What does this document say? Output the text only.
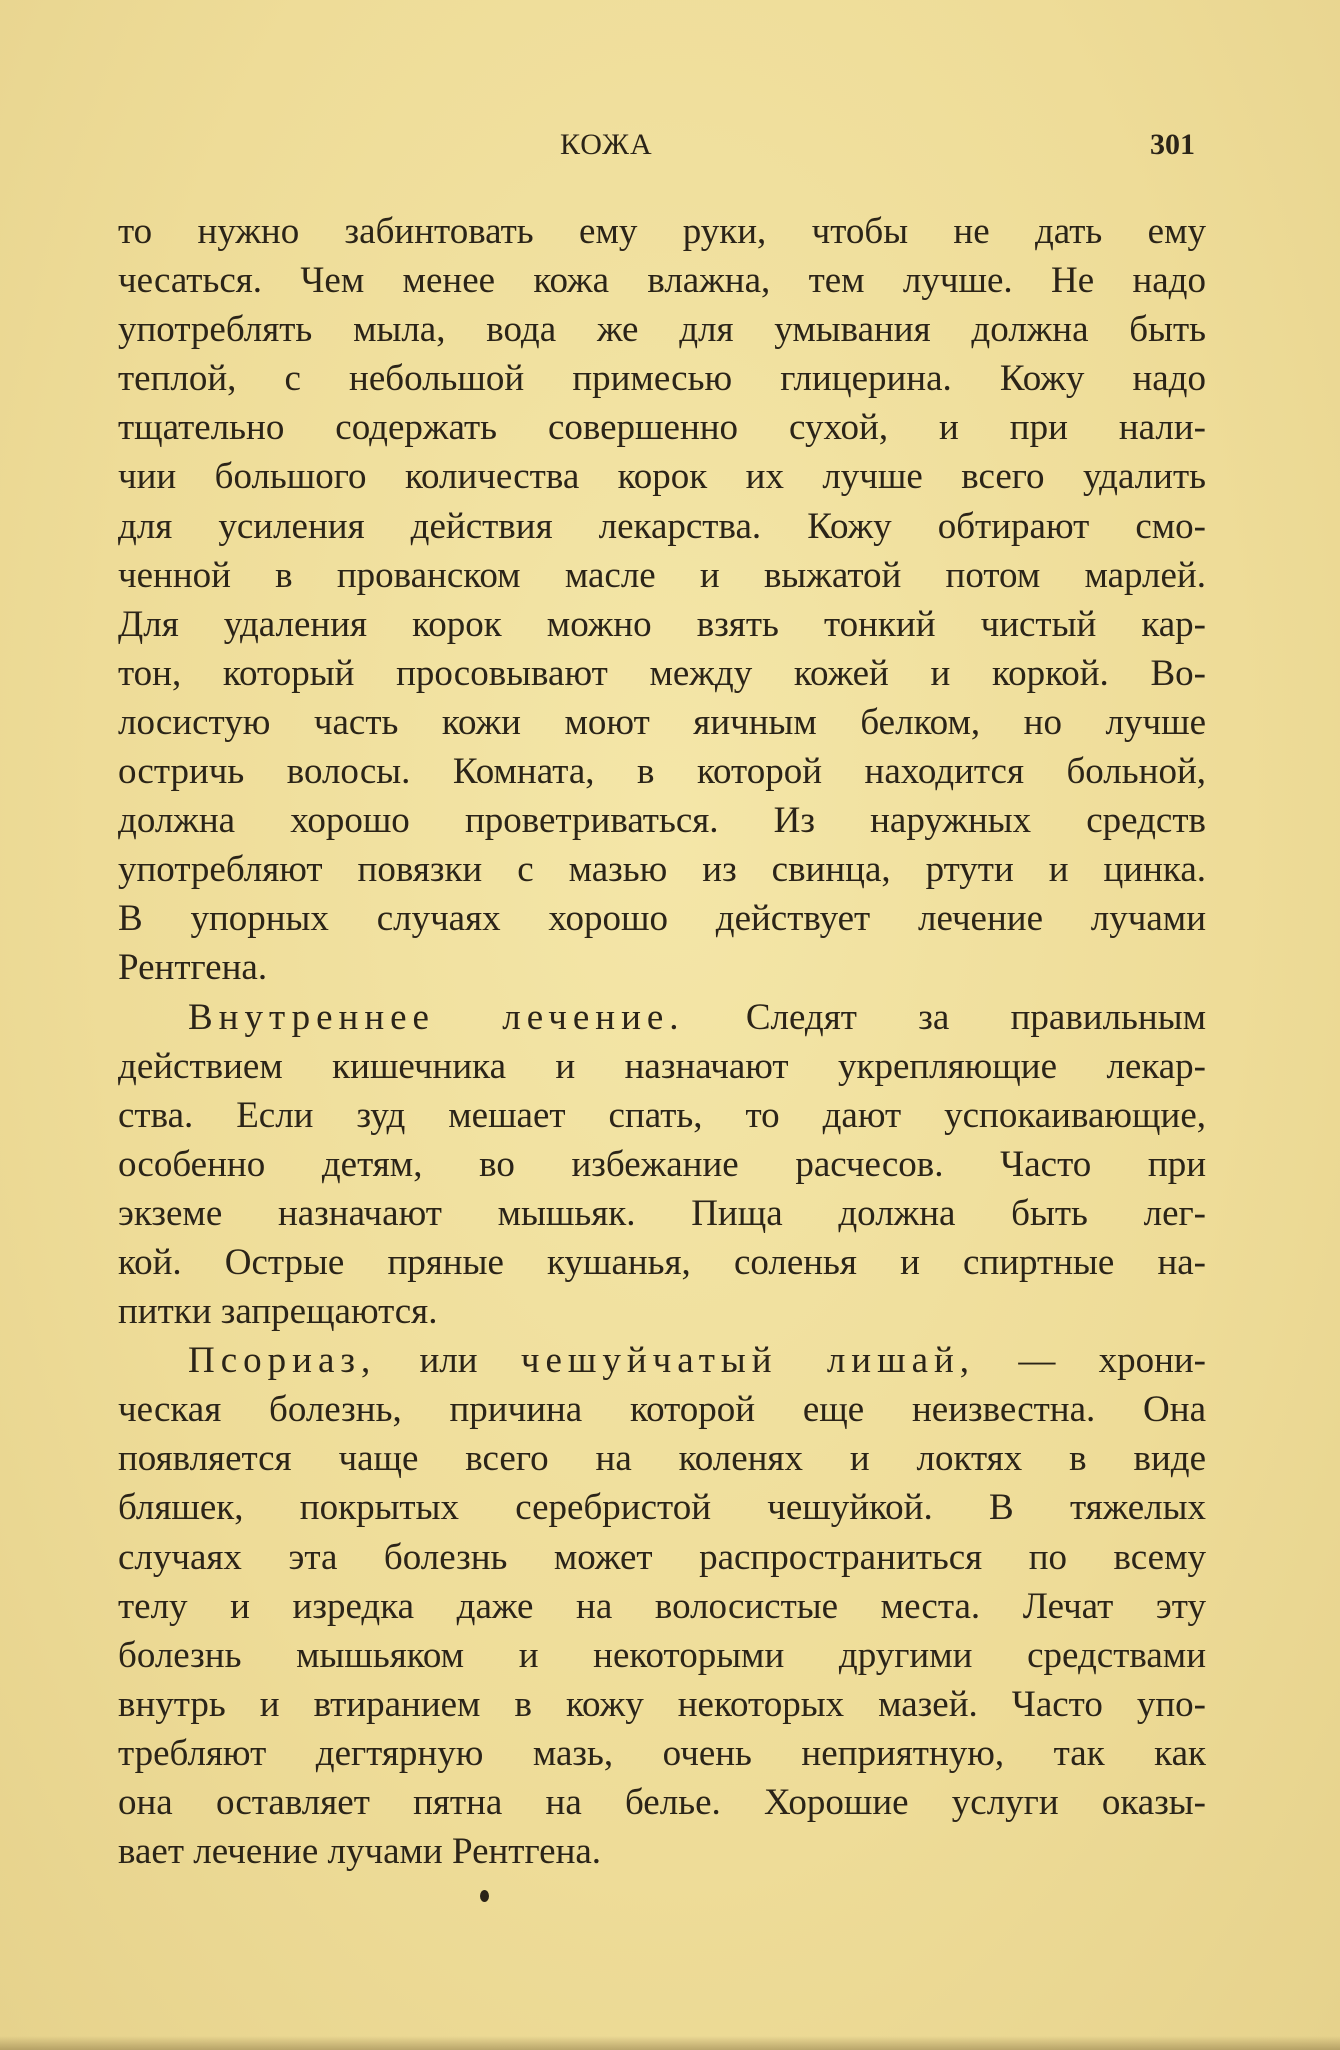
КОЖА	301
то нужно забинтовать ему руки, чтобы не дать ему
чесаться. Чем менее кожа влажна, тем лучше. Не надо
употреблять мыла, вода же для умывания должна быть
теплой, с небольшой примесью глицерина. Кожу надо
тщательно содержать совершенно сухой, и при нали-
чии большого количества корок их лучше всего удалить
для усиления действия лекарства. Кожу обтирают смо-
ченной в прованском масле и выжатой потом марлей.
Для удаления корок можно взять тонкий чистый кар-
тон, который просовывают между кожей и коркой. Во-
лосистую часть кожи моют яичным белком, но лучше
остричь волосы. Комната, в которой находится больной,
должна хорошо проветриваться. Из наружных средств
употребляют повязки с мазью из свинца, ртути и цинка.
В упорных случаях хорошо действует лечение лучами
Рентгена.
Внутреннее лечение. Следят за правильным
действием кишечника и назначают укрепляющие лекар-
ства. Если зуд мешает спать, то дают успокаивающие,
особенно детям, во избежание расчесов. Часто при
экземе назначают мышьяк. Пища должна быть лег-
кой. Острые пряные кушанья, соленья и спиртные на-
питки запрещаются.
Псориаз, или чешуйчатый лишай, — хрони-
ческая болезнь, причина которой еще неизвестна. Она
появляется чаще всего на коленях и локтях в виде
бляшек, покрытых серебристой чешуйкой. В тяжелых
случаях эта болезнь может распространиться по всему
телу и изредка даже на волосистые места. Лечат эту
болезнь мышьяком и некоторыми другими средствами
внутрь и втиранием в кожу некоторых мазей. Часто упо-
требляют дегтярную мазь, очень неприятную, так как
она оставляет пятна на белье. Хорошие услуги оказы-
вает лечение лучами Рентгена.
